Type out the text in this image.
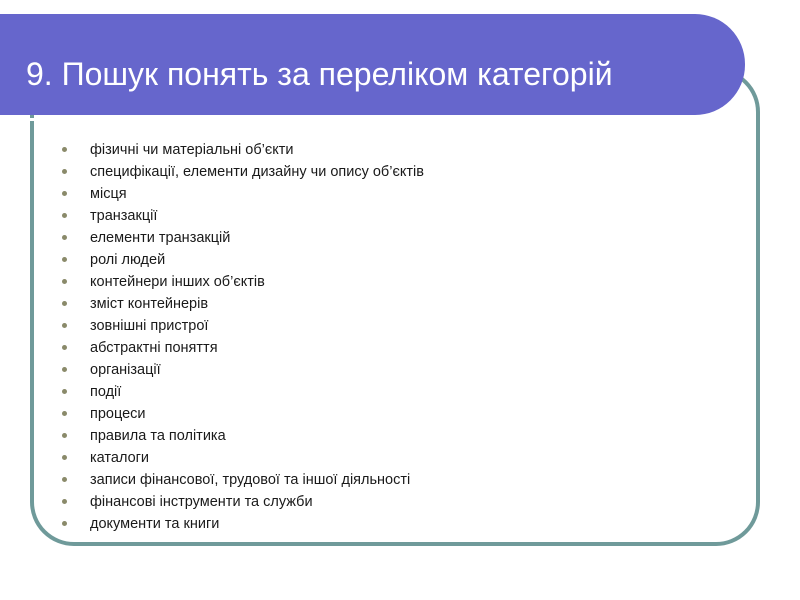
9. Пошук понять за переліком категорій
фізичні чи матеріальні об’єкти
специфікації, елементи дизайну чи опису об’єктів
місця
транзакції
елементи транзакцій
ролі людей
контейнери інших об’єктів
зміст контейнерів
зовнішні пристрої
абстрактні поняття
організації
події
процеси
правила та політика
каталоги
записи фінансової, трудової та іншої діяльності
фінансові інструменти та служби
документи та книги
